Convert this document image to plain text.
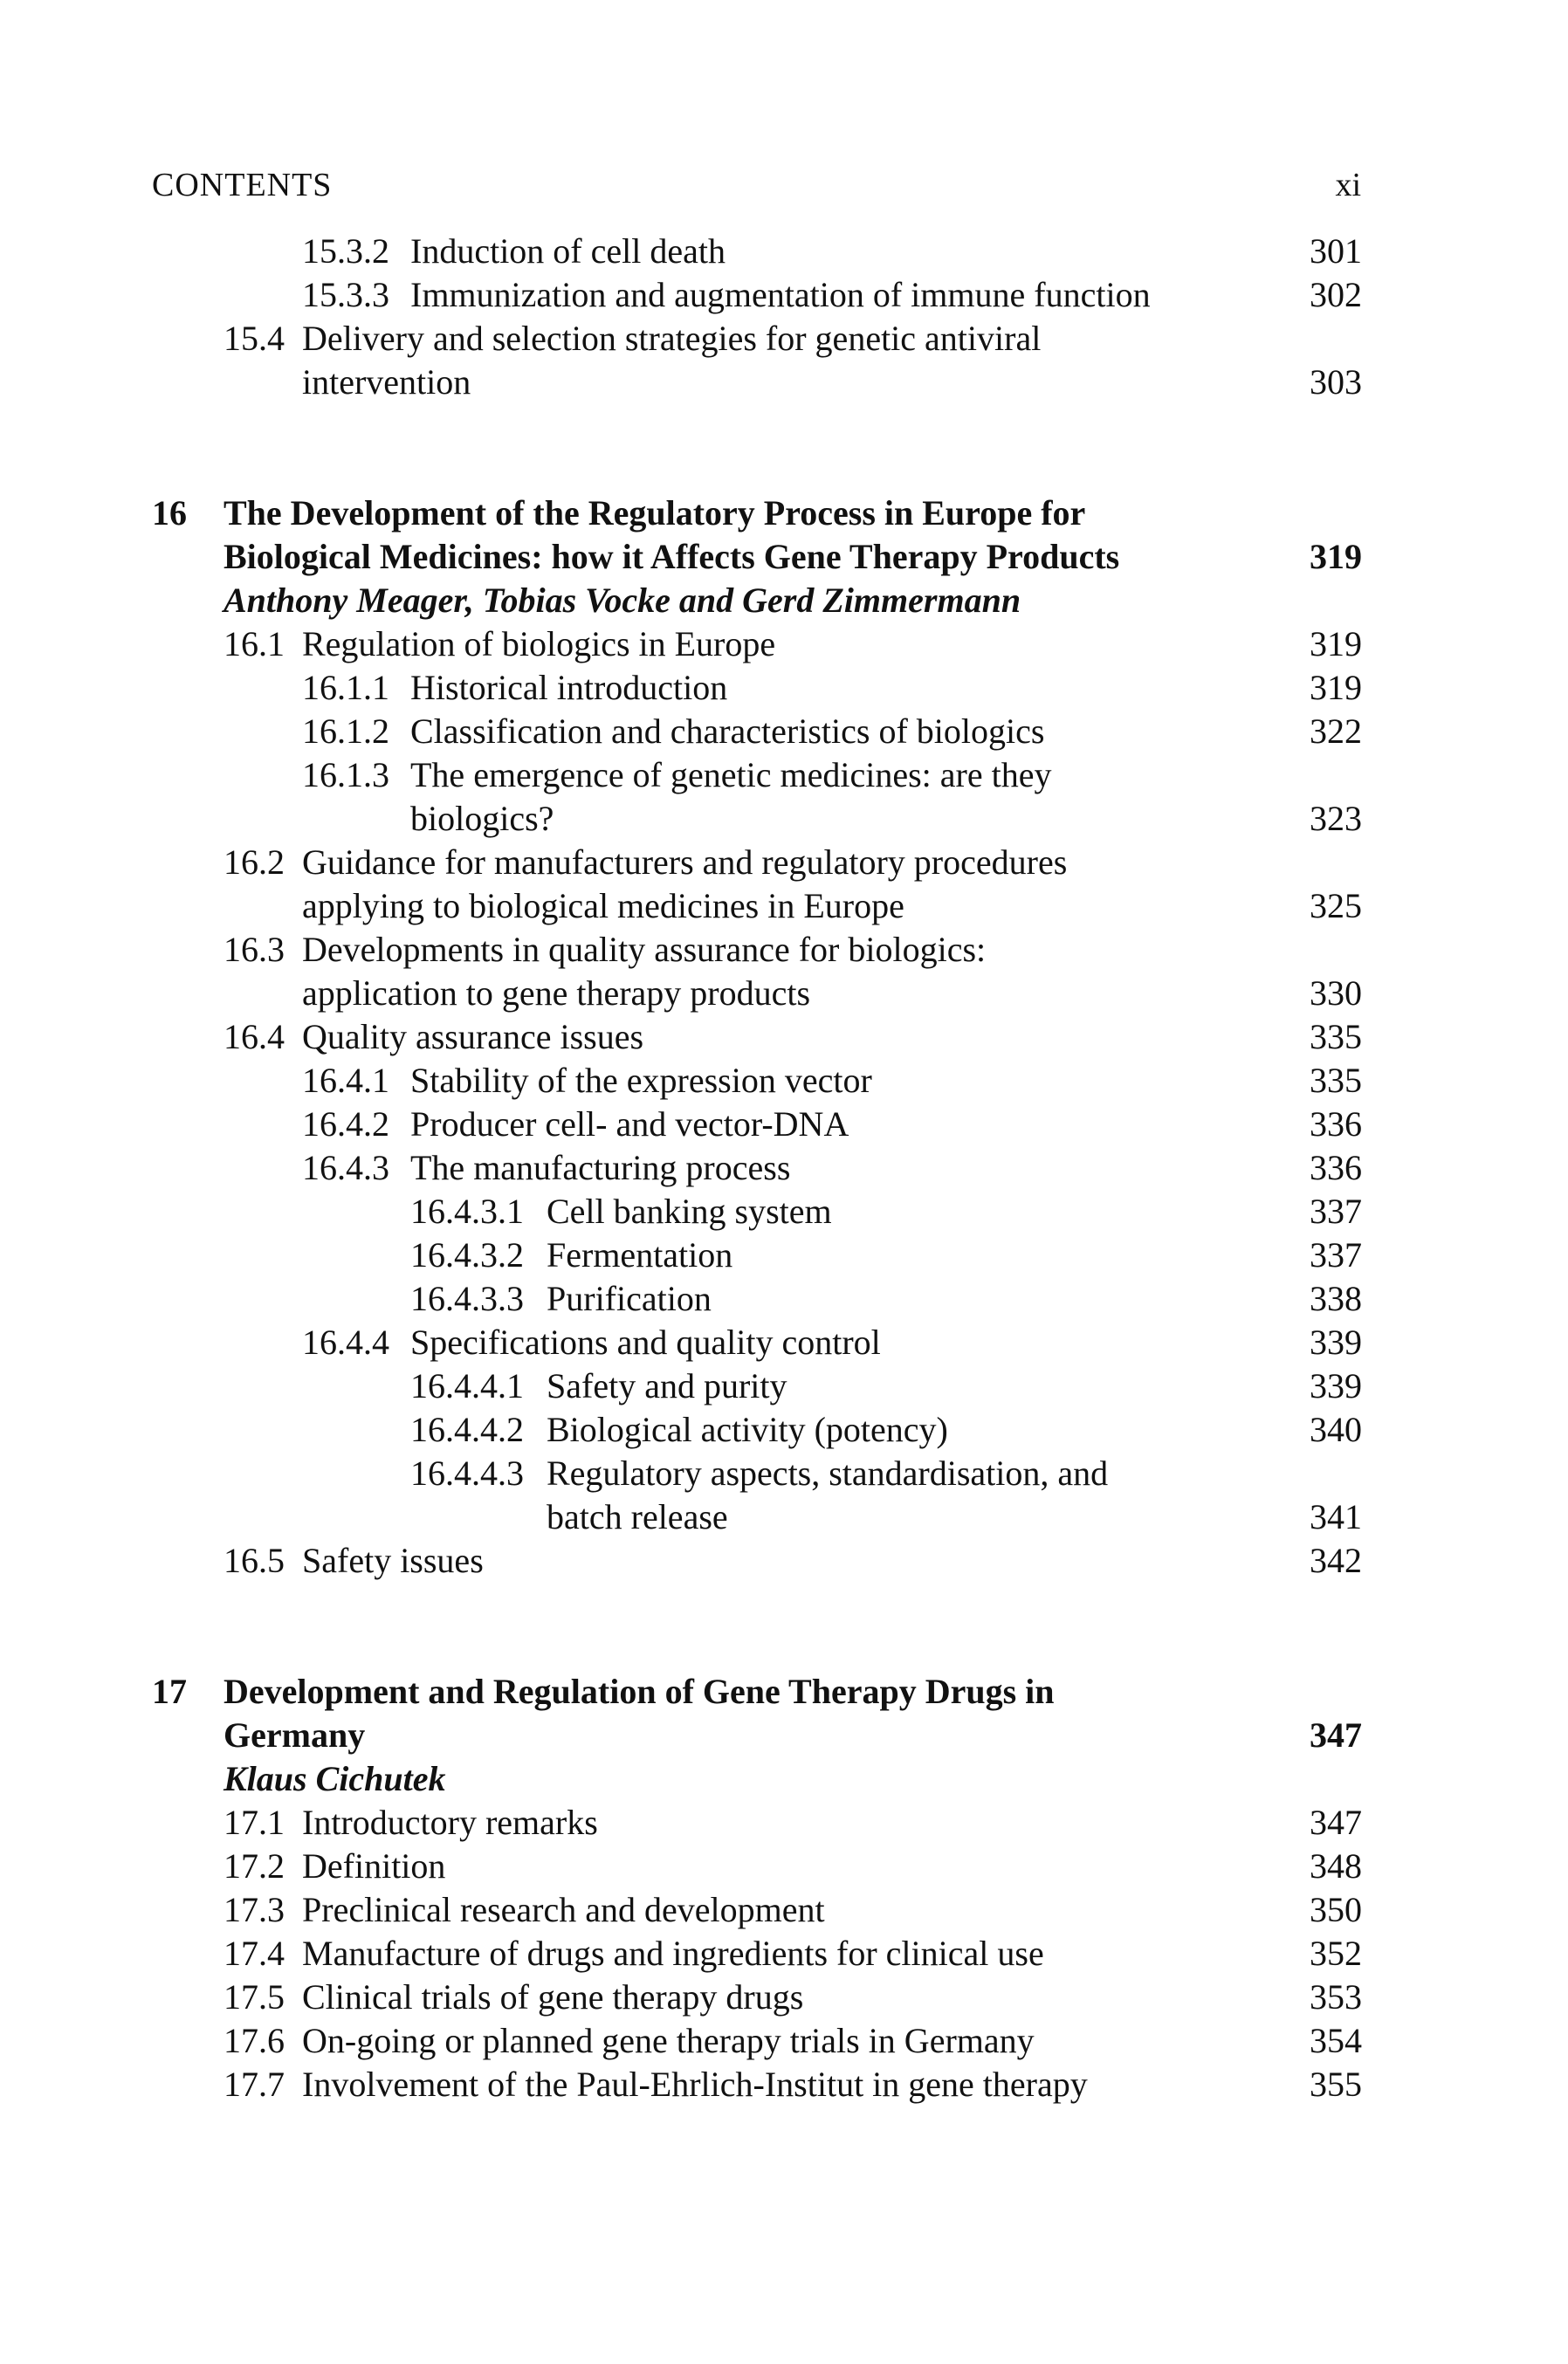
CONTENTS	xi
15.3.2 Induction of cell death	301
15.3.3 Immunization and augmentation of immune function	302
15.4 Delivery and selection strategies for genetic antiviral
intervention	303
16 The Development of the Regulatory Process in Europe for
Biological Medicines: how it Affects Gene Therapy Products	319
Anthony Meager, Tobias Vocke and Gerd Zimmermann
16.1 Regulation of biologics in Europe	319
16.1.1 Historical introduction	319
16.1.2 Classification and characteristics of biologics	322
16.1.3 The emergence of genetic medicines: are they
biologics?	323
16.2 Guidance for manufacturers and regulatory procedures
applying to biological medicines in Europe	325
16.3 Developments in quality assurance for biologics:
application to gene therapy products	330
16.4 Quality assurance issues	335
16.4.1 Stability of the expression vector	335
16.4.2 Producer cell- and vector-DNA	336
16.4.3 The manufacturing process	336
16.4.3.1 Cell banking system	337
16.4.3.2 Fermentation	337
16.4.3.3 Purification	338
16.4.4 Specifications and quality control	339
16.4.4.1 Safety and purity	339
16.4.4.2 Biological activity (potency)	340
16.4.4.3 Regulatory aspects, standardisation, and
batch release	341
16.5 Safety issues	342
17 Development and Regulation of Gene Therapy Drugs in
Germany	347
Klaus Cichutek
17.1 Introductory remarks	347
17.2 Definition	348
17.3 Preclinical research and development	350
17.4 Manufacture of drugs and ingredients for clinical use	352
17.5 Clinical trials of gene therapy drugs	353
17.6 On-going or planned gene therapy trials in Germany	354
17.7 Involvement of the Paul-Ehrlich-Institut in gene therapy	355
